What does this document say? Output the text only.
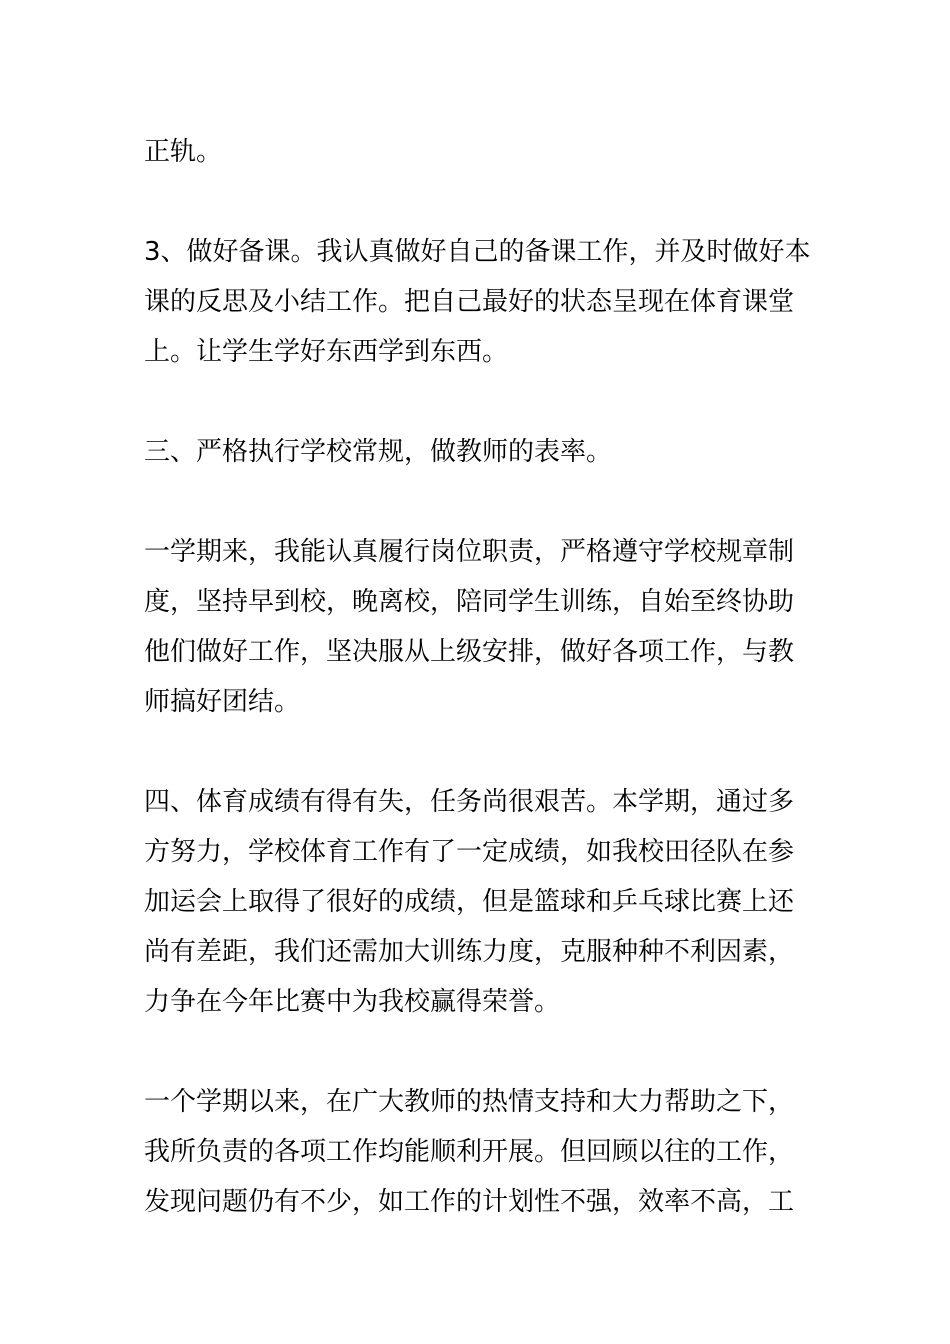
正轨。
3、做好备课。我认真做好自己的备课工作，并及时做好本
课的反思及小结工作。把自己最好的状态呈现在体育课堂
上。让学生学好东西学到东西。
三、严格执行学校常规，做教师的表率。
一学期来，我能认真履行岗位职责，严格遵守学校规章制
度，坚持早到校，晚离校，陪同学生训练，自始至终协助
他们做好工作，坚决服从上级安排，做好各项工作，与教
师搞好团结。
四、体育成绩有得有失，任务尚很艰苦。本学期，通过多
方努力，学校体育工作有了一定成绩，如我校田径队在参
加运会上取得了很好的成绩，但是篮球和乒乓球比赛上还
尚有差距，我们还需加大训练力度，克服种种不利因素，
力争在今年比赛中为我校赢得荣誉。
一个学期以来，在广大教师的热情支持和大力帮助之下，
我所负责的各项工作均能顺利开展。但回顾以往的工作，
发现问题仍有不少，如工作的计划性不强，效率不高，工
